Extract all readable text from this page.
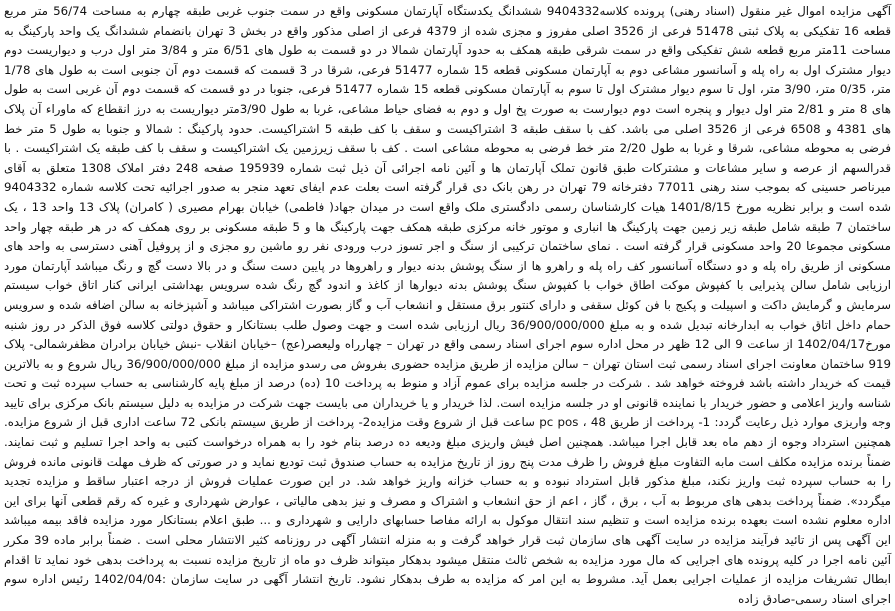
آگهی مزایده اموال غیر منقول (اسناد رهنی) پرونده کلاسه9404332 ششدانگ یکدستگاه آپارتمان مسکونی واقع در سمت جنوب غربی طبقه چهارم به مساحت 56/74 متر مربع قطعه 16 تفکیکی به پلاک ثبتی 51478 فرعی از 3526 اصلی مفروز و مجزی شده از 4379 فرعی از اصلی مذکور واقع در بخش 3 تهران بانضمام ششدانگ یک واحد پارکینگ به مساحت 11متر مربع قطعه شش تفکیکی واقع در سمت شرقی طبقه همکف به حدود آپارتمان شمالا در دو قسمت به طول های 6/51 متر و 3/84 متر اول درب و دیواریست دوم دیوار مشترک اول به راه پله و آسانسور مشاعی دوم به آپارتمان مسکونی قطعه 15 شماره 51477 فرعی، شرقا در 3 قسمت که قسمت دوم آن جنوبی است به طول های 1/78 متر، 0/35 متر، 3/90 متر، اول تا سوم دیوار مشترک اول تا سوم به آپارتمان مسکونی قطعه 15 شماره 51477 فرعی، جنوبا در دو قسمت که قسمت دوم آن غربی است به طول های 8 متر و 2/81 متر اول دیوار و پنجره است دوم دیوارست به صورت پخ اول و دوم به فضای حیاط مشاعی، غربا به طول 3/90متر دیواریست به درز انقطاع که ماوراء آن پلاک های 4381 و 6508 فرعی از 3526 اصلی می باشد. کف با سقف طبقه 3 اشتراکیست و سقف با کف طبقه 5 اشتراکیست. حدود پارکینگ : شمالا و جنوبا به طول 5 متر خط فرضی به محوطه مشاعی، شرقا و غربا به طول 2/20 متر خط فرضی به محوطه مشاعی است . کف با سقف زیرزمین یک اشتراکیست و سقف با کف طبقه یک اشتراکیست . با قدرالسهم از عرصه و سایر مشاعات و مشترکات طبق قانون تملک آپارتمان ها و آئین نامه اجرائی آن ذیل ثبت شماره 195939 صفحه 248 دفتر املاک 1308 متعلق به آقای میرناصر حسینی که بموجب سند رهنی 77011 دفترخانه 79 تهران در رهن بانک دی قرار گرفته است بعلت عدم ایفای تعهد منجر به صدور اجرائیه تحت کلاسه شماره 9404332 شده است و برابر نظریه مورخ 1401/8/15 هیات کارشناسان رسمی دادگستری ملک واقع است در میدان جهاد( فاطمی) خیابان بهرام مصیری ( کامران) پلاک 13 واحد 13 ، یک ساختمان 7 طبقه شامل طبقه زیر زمین جهت پارکینگ ها انباری و موتور خانه مرکزی طبقه همکف جهت پارکینگ ها و 5 طبقه مسکونی بر روی همکف که در هر طبقه چهار واحد مسکونی مجموعا 20 واحد مسکونی قرار گرفته است . نمای ساختمان ترکیبی از سنگ و اجر تسوز درب ورودی نفر رو ماشین رو مجزی و از پروفیل آهنی دسترسی به واحد های مسکونی از طریق راه پله و دو دستگاه آسانسور کف راه پله و راهرو ها از سنگ پوشش بدنه دیوار و راهروها در پایین دست سنگ و در بالا دست گچ و رنگ میباشد آپارتمان مورد ارزیابی شامل سالن پذیرایی با کفپوش موکت اطاق خواب با کفپوش سنگ پوشش بدنه دیوارها از کاغذ و اندود گچ رنگ شده سرویس بهداشتی ایرانی کنار اتاق خواب سیستم سرمایش و گرمایش داکت و اسپیلت و پکیج با فن کوئل سقفی و دارای کنتور برق مستقل و انشعاب آب و گاز بصورت اشتراکی میباشد و آشپزخانه به سالن اضافه شده و سرویس حمام داخل اتاق خواب به ابدارخانه تبدیل شده و به مبلغ 36/900/000/000 ریال ارزیابی شده است و جهت وصول طلب بستانکار و حقوق دولتی کلاسه فوق الذکر در روز شنبه مورخ1402/04/17 از ساعت 9 الی 12 ظهر در محل اداره سوم اجرای اسناد رسمی واقع در تهران – چهارراه ولیعصر(عج) –خیابان انقلاب -نبش خیابان برادران مظفرشمالی- پلاک 919 ساختمان معاونت اجرای اسناد رسمی ثبت استان تهران – سالن مزایده از طریق مزایده حضوری بفروش می رسدو مزایده از مبلغ 36/900/000/000 ریال شروع و به بالاترین قیمت که خریدار داشته باشد فروخته خواهد شد . شرکت در جلسه مزایده برای عموم آزاد و منوط به پرداخت 10 (ده) درصد از مبلغ پایه کارشناسی به حساب سپرده ثبت و تحت شناسه واریز اعلامی و حضور خریدار با نماینده قانونی او در جلسه مزایده است. لذا خریدار و یا خریداران می بایست جهت شرکت در مزایده به دلیل سیستم بانک مرکزی برای تایید وجه واریزی موارد ذیل رعایت گردد: 1- پرداخت از طریق pc pos ، 48 ساعت قبل از شروع وقت مزایده2- پرداخت از طریق سیستم بانکی 72 ساعت اداری قبل از شروع مزایده. همچنین استرداد وجوه از دهم ماه بعد قابل اجرا میباشد. همچنین اصل فیش واریزی مبلغ ودیعه ده درصد بنام خود را به همراه درخواست کتبی به واحد اجرا تسلیم و ثبت نمایند. ضمناً برنده مزایده مکلف است مابه التفاوت مبلغ فروش را ظرف مدت پنج روز از تاریخ مزایده به حساب صندوق ثبت تودیع نماید و در صورتی که ظرف مهلت قانونی مانده فروش را به حساب سپرده ثبت واریز نکند، مبلغ مذکور قابل استرداد نبوده و به حساب خزانه واریز خواهد شد. در این صورت عملیات فروش از درجه اعتبار ساقط و مزایده تجدید میگردد». ضمناً پرداخت بدهی های مربوط به آب ، برق ، گاز ، اعم از حق انشعاب و اشتراک و مصرف و نیز بدهی مالیاتی ، عوارض شهرداری و غیره که رقم قطعی آنها برای این اداره معلوم نشده است بعهده برنده مزایده است و تنظیم سند انتقال موکول به ارائه مفاصا حسابهای دارایی و شهرداری و ... طبق اعلام بستانکار مورد مزایده فاقد بیمه میباشد این آگهی پس از تائید فرآیند مزایده در سایت آگهی های سازمان ثبت قرار خواهد گرفت و به منزله انتشار آگهی در روزنامه کثیر الانتشار محلی است . ضمناً برابر ماده 39 مکرر آئین نامه اجرا در کلیه پرونده های اجرایی که مال مورد مزایده به شخص ثالث منتقل میشود بدهکار میتواند ظرف دو ماه از تاریخ مزایده نسبت به پرداخت بدهی خود نماید تا اقدام ابطال تشریفات مزایده از عملیات اجرایی بعمل آید. مشروط به این امر که مزایده به طرف بدهکار نشود. تاریخ انتشار آگهی در سایت سازمان :1402/04/04 رئیس اداره سوم اجرای اسناد رسمی-صادق زاده
